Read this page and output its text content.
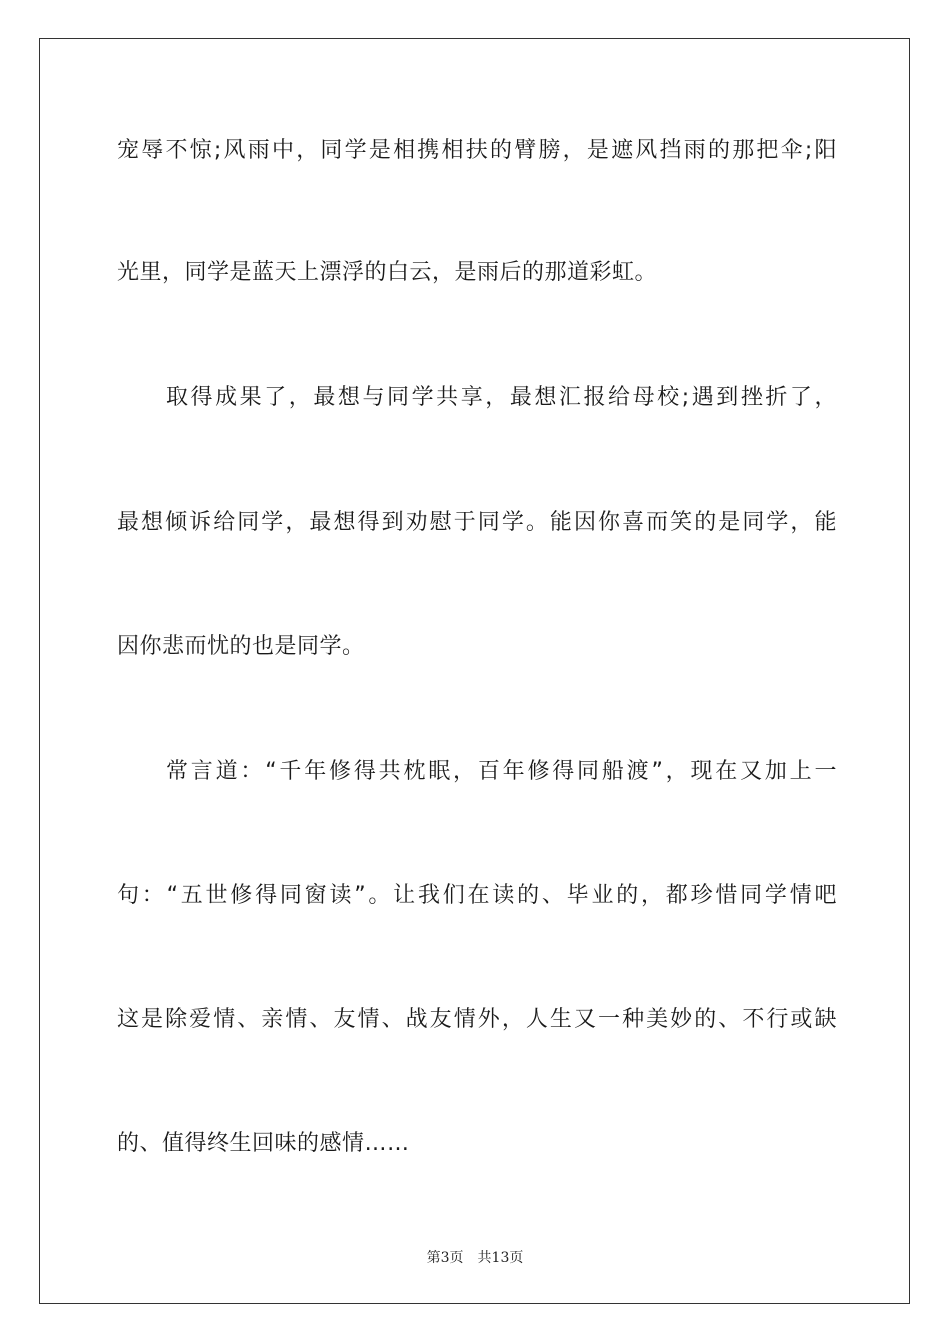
宠辱不惊;风雨中，同学是相携相扶的臂膀，是遮风挡雨的那把伞;阳
光里，同学是蓝天上漂浮的白云，是雨后的那道彩虹。
取得成果了，最想与同学共享，最想汇报给母校;遇到挫折了，
最想倾诉给同学，最想得到劝慰于同学。能因你喜而笑的是同学，能
因你悲而忧的也是同学。
常言道：“千年修得共枕眠，百年修得同船渡”，现在又加上一
句：“五世修得同窗读”。让我们在读的、毕业的，都珍惜同学情吧
这是除爱情、亲情、友情、战友情外，人生又一种美妙的、不行或缺
的、值得终生回味的感情……
第3页 共13页
